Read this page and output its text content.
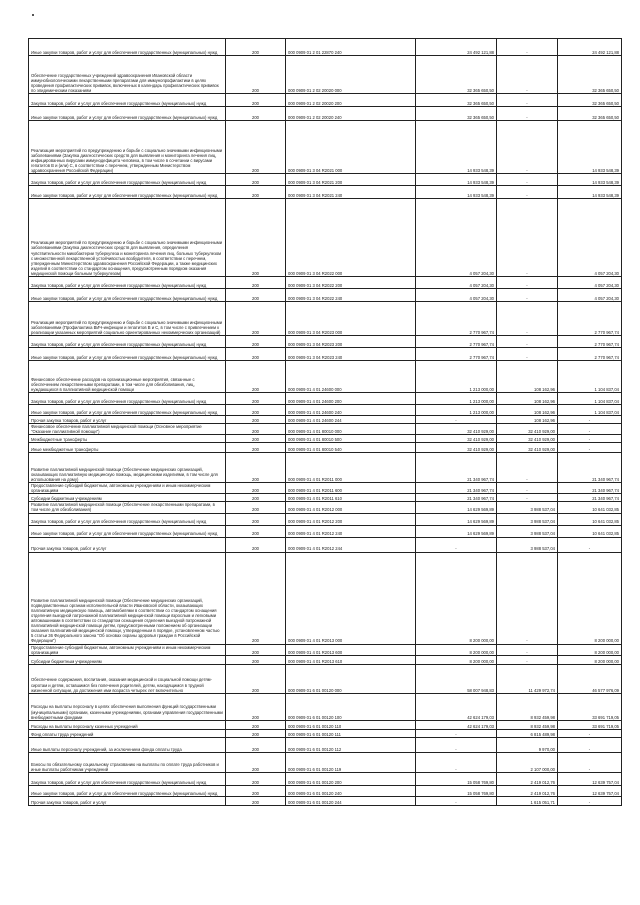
Иные закупки товаров, работ и услуг для обеспечения государственных (муниципальных) нужд	200	000 0909 01 2 01 22870 240	24 492 121,88	-	24 492 121,88
Обеспечение государственных учреждений здравоохранения Ивановской области иммунобиологическими лекарственными препаратами для иммунопрофилактики в целях проведения профилактических прививок, включенных в календарь профилактических прививок по эпидемическим показаниям	200	000 0909 01 2 02 20020 000	32 365 650,50	-	32 365 650,50
Закупка товаров, работ и услуг для обеспечения государственных (муниципальных) нужд	200	000 0909 01 2 02 20020 200	32 365 650,50	-	32 365 650,50
Иные закупки товаров, работ и услуг для обеспечения государственных (муниципальных) нужд	200	000 0909 01 2 02 20020 240	32 365 650,50	-	32 365 650,50
Реализация мероприятий по предупреждению и борьбе с социально значимыми инфекционными заболеваниями (Закупка диагностических средств для выявления и мониторинга лечения лиц, инфицированных вирусами иммунодефицита человека, в том числе в сочетании с вирусами гепатитов В и (или) С, в соответствии с перечнем, утвержденным Министерством здравоохранения Российской Федерации)	200	000 0909 01 3 04 R2021 000	14 933 548,39	-	14 933 548,39
Закупка товаров, работ и услуг для обеспечения государственных (муниципальных) нужд	200	000 0909 01 3 04 R2021 200	14 933 548,39	-	14 933 548,39
Иные закупки товаров, работ и услуг для обеспечения государственных (муниципальных) нужд	200	000 0909 01 3 04 R2021 240	14 933 548,39	-	14 933 548,39
Реализация мероприятий по предупреждению и борьбе с социально значимыми инфекционными заболеваниями (Закупка диагностических средств для выявления, определения чувствительности микобактерии туберкулеза и мониторинга лечения лиц, больных туберкулезом с множественной лекарственной устойчивостью возбудителя, в соответствии с перечнем, утвержденным Министерством здравоохранения Российской Федерации, а также медицинских изделий в соответствии со стандартом оснащения, предусмотренным порядком оказания медицинской помощи больным туберкулезом)	200	000 0909 01 3 04 R2022 000	4 057 204,30	-	4 057 204,30
Закупка товаров, работ и услуг для обеспечения государственных (муниципальных) нужд	200	000 0909 01 3 04 R2022 200	4 057 204,30	-	4 057 204,30
Иные закупки товаров, работ и услуг для обеспечения государственных (муниципальных) нужд	200	000 0909 01 3 04 R2022 240	4 057 204,30	-	4 057 204,30
Реализация мероприятий по предупреждению и борьбе с социально значимыми инфекционными заболеваниями (Профилактика ВИЧ-инфекции и гепатитов В и С, в том числе с привлечением к реализации указанных мероприятий социально ориентированных некоммерческих организаций)	200	000 0909 01 3 04 R2023 000	2 770 967,74	-	2 770 967,74
Закупка товаров, работ и услуг для обеспечения государственных (муниципальных) нужд	200	000 0909 01 3 04 R2023 200	2 770 967,74	-	2 770 967,74
Иные закупки товаров, работ и услуг для обеспечения государственных (муниципальных) нужд	200	000 0909 01 3 04 R2023 240	2 770 967,74	-	2 770 967,74
Финансовое обеспечение расходов на организационные мероприятия, связанные с обеспечением лекарственными препаратами, в том числе для обезболивания, лиц, нуждающихся в паллиативной медицинской помощи	200	000 0909 01 4 01 24600 000	1 213 000,00	108 162,96	1 104 837,04
Закупка товаров, работ и услуг для обеспечения государственных (муниципальных) нужд	200	000 0909 01 4 01 24600 200	1 213 000,00	108 162,96	1 104 837,04
Иные закупки товаров, работ и услуг для обеспечения государственных (муниципальных) нужд	200	000 0909 01 4 01 24600 240	1 213 000,00	108 162,96	1 104 837,04
Прочая закупка товаров, работ и услуг	200	000 0909 01 4 01 24600 244	-	108 162,96	-
Финансовое обеспечение паллиативной медицинской помощи (Основное мероприятие "Оказание паллиативной помощи")	200	000 0909 01 4 01 80010 000	32 410 929,00	32 410 929,00	-
Межбюджетные трансферты	200	000 0909 01 4 01 80010 500	32 410 929,00	32 410 929,00	-
Иные межбюджетные трансферты	200	000 0909 01 4 01 80010 540	32 410 929,00	32 410 929,00	-
Развитие паллиативной медицинской помощи (Обеспечение медицинских организаций, оказывающих паллиативную медицинскую помощь, медицинскими изделиями, в том числе для использования на дому)	200	000 0909 01 4 01 R2011 000	21 340 967,74	-	21 340 967,74
Предоставление субсидий бюджетным, автономным учреждениям и иным некоммерческим организациям	200	000 0909 01 4 01 R2011 600	21 340 967,74	-	21 340 967,74
Субсидии бюджетным учреждениям	200	000 0909 01 4 01 R2011 610	21 340 967,74	-	21 340 967,74
Развитие паллиативной медицинской помощи (Обеспечение лекарственными препаратами, в том числе для обезболивания)	200	000 0909 01 4 01 R2012 000	14 629 569,89	3 988 537,04	10 641 032,85
Закупка товаров, работ и услуг для обеспечения государственных (муниципальных) нужд	200	000 0909 01 4 01 R2012 200	14 629 569,89	3 988 537,04	10 641 032,85
Иные закупки товаров, работ и услуг для обеспечения государственных (муниципальных) нужд	200	000 0909 01 4 01 R2012 240	14 629 569,89	3 988 537,04	10 641 032,85
Прочая закупка товаров, работ и услуг	200	000 0909 01 4 01 R2012 244	-	3 988 537,04	-
Развитие паллиативной медицинской помощи (Обеспечение медицинских организаций, подведомственных органам исполнительной власти Ивановской области, оказывающих паллиативную медицинскую помощь, автомобилями в соответствии со стандартом оснащения отделения выездной патронажной паллиативной медицинской помощи взрослым и легковыми автомашинами в соответствии со стандартом оснащения отделения выездной патронажной паллиативной медицинской помощи детям, предусмотренными положением об организации оказания паллиативной медицинской помощи, утвержденным в порядке, установленном частью 5 статьи 36 Федерального закона "Об основах охраны здоровья граждан в Российской Федерации")	200	000 0909 01 4 01 R2013 000	8 200 000,00	-	8 200 000,00
Предоставление субсидий бюджетным, автономным учреждениям и иным некоммерческим организациям	200	000 0909 01 4 01 R2013 600	8 200 000,00	-	8 200 000,00
Субсидии бюджетным учреждениям	200	000 0909 01 4 01 R2013 610	8 200 000,00	-	8 200 000,00
Обеспечение содержания, воспитания, оказания медицинской и социальной помощи детям-сиротам и детям, оставшимся без попечения родителей, детям, находящимся в трудной жизненной ситуации, до достижения ими возраста четырех лет включительно	200	000 0909 01 6 01 00120 000	58 007 948,83	11 429 972,74	46 577 976,09
Расходы на выплаты персоналу в целях обеспечения выполнения функций государственными (муниципальными) органами, казенными учреждениями, органами управления государственными внебюджетными фондами	200	000 0909 01 6 01 00120 100	42 624 179,03	8 932 459,98	33 691 719,05
Расходы на выплаты персоналу казенных учреждений	200	000 0909 01 6 01 00120 110	42 624 179,03	8 932 459,98	33 691 719,05
Фонд оплаты труда учреждений	200	000 0909 01 6 01 00120 111	-	6 815 489,98	-
Иные выплаты персоналу учреждений, за исключением фонда оплаты труда	200	000 0909 01 6 01 00120 112	-	9 970,00	-
Взносы по обязательному социальному страхованию на выплаты по оплате труда работников и иные выплаты работникам учреждений	200	000 0909 01 6 01 00120 119	-	2 107 000,00	-
Закупка товаров, работ и услуг для обеспечения государственных (муниципальных) нужд	200	000 0909 01 6 01 00120 200	15 058 769,80	2 419 012,76	12 639 757,04
Иные закупки товаров, работ и услуг для обеспечения государственных (муниципальных) нужд	200	000 0909 01 6 01 00120 240	15 058 769,80	2 419 012,76	12 639 757,04
Прочая закупка товаров, работ и услуг	200	000 0909 01 6 01 00120 244	-	1 615 051,71	-
